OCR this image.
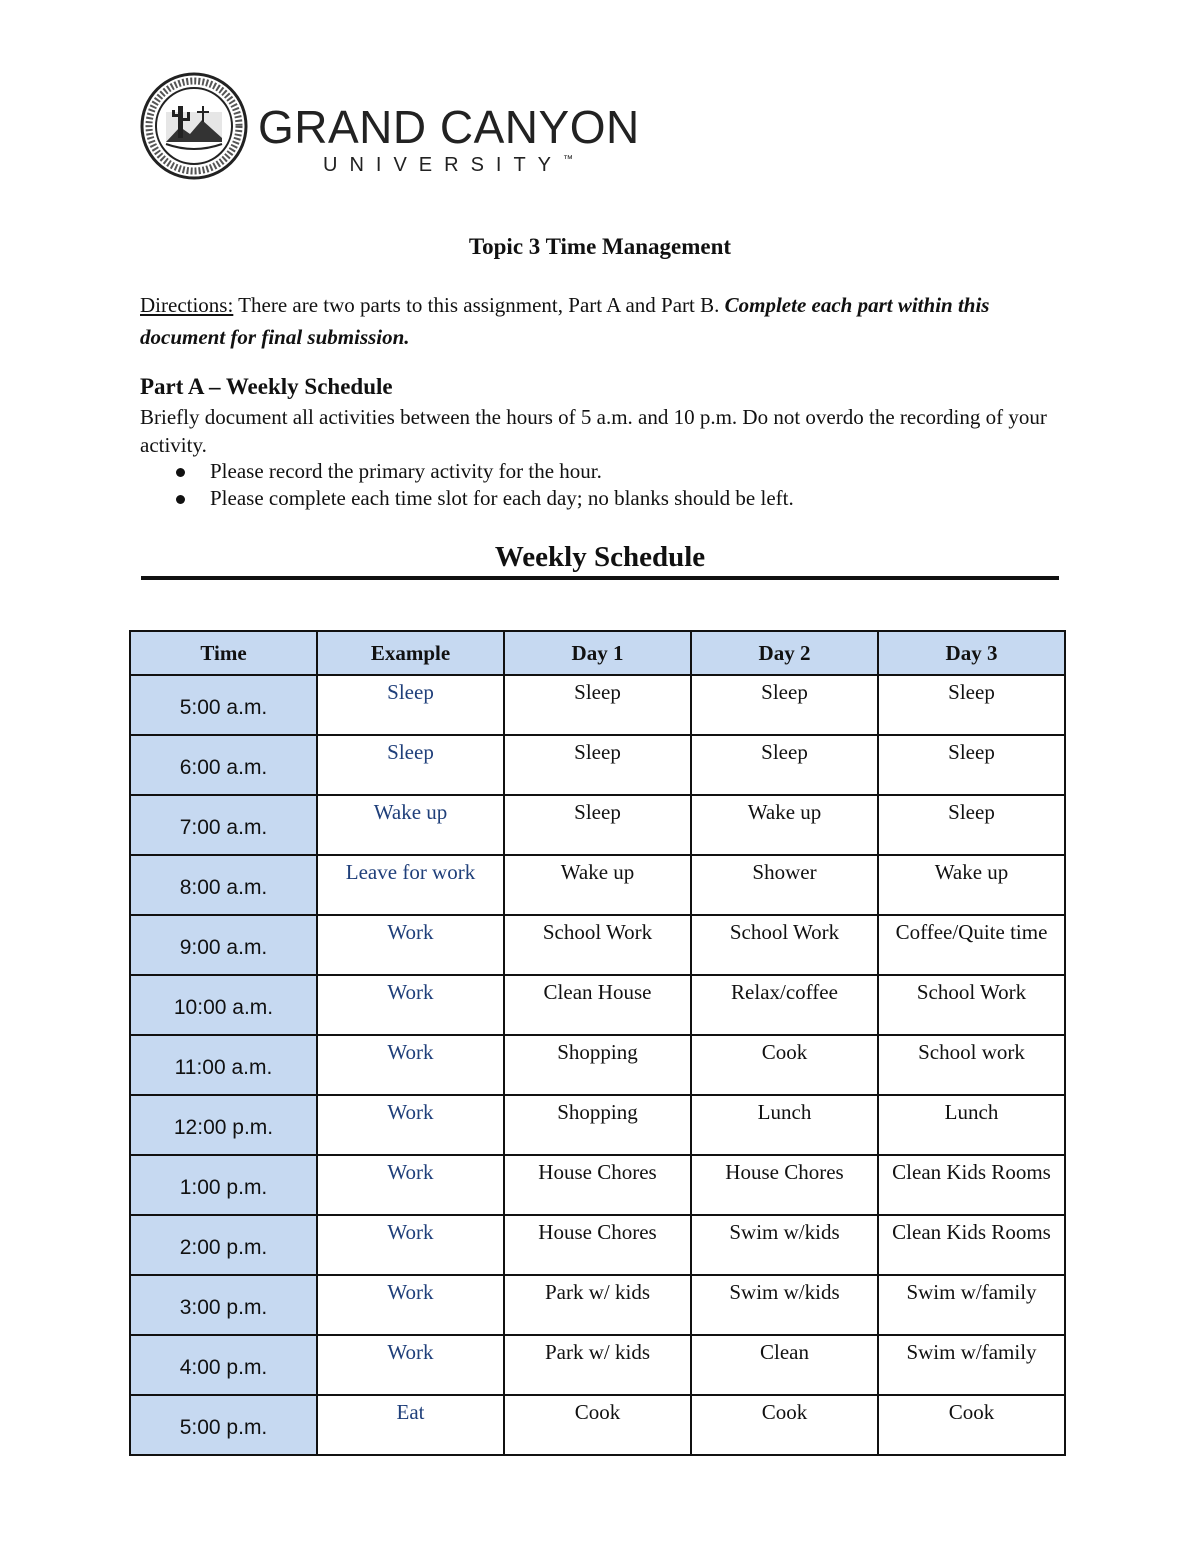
GRAND CANYON
UNIVERSITY™
Topic 3 Time Management
Directions: There are two parts to this assignment, Part A and Part B. Complete each part within this document for final submission.
Part A – Weekly Schedule
Briefly document all activities between the hours of 5 a.m. and 10 p.m. Do not overdo the recording of your activity.
Please record the primary activity for the hour.
Please complete each time slot for each day; no blanks should be left.
Weekly Schedule
Time	Example	Day 1	Day 2	Day 3
5:00 a.m.	Sleep	Sleep	Sleep	Sleep
6:00 a.m.	Sleep	Sleep	Sleep	Sleep
7:00 a.m.	Wake up	Sleep	Wake up	Sleep
8:00 a.m.	Leave for work	Wake up	Shower	Wake up
9:00 a.m.	Work	School Work	School Work	Coffee/Quite time
10:00 a.m.	Work	Clean House	Relax/coffee	School Work
11:00 a.m.	Work	Shopping	Cook	School work
12:00 p.m.	Work	Shopping	Lunch	Lunch
1:00 p.m.	Work	House Chores	House Chores	Clean Kids Rooms
2:00 p.m.	Work	House Chores	Swim w/kids	Clean Kids Rooms
3:00 p.m.	Work	Park w/ kids	Swim w/kids	Swim w/family
4:00 p.m.	Work	Park w/ kids	Clean	Swim w/family
5:00 p.m.	Eat	Cook	Cook	Cook
